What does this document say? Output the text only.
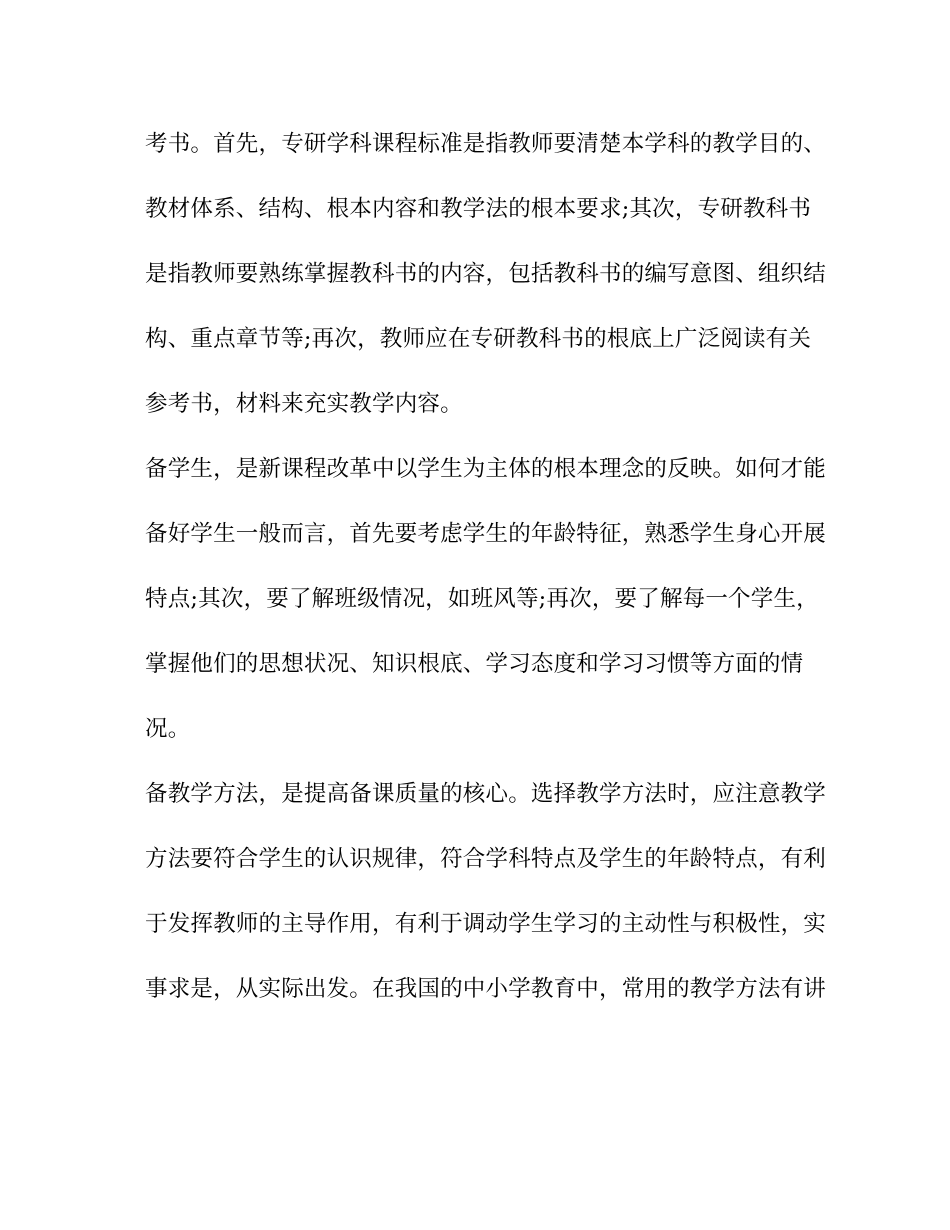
考书。首先，专研学科课程标准是指教师要清楚本学科的教学目的、
教材体系、结构、根本内容和教学法的根本要求;其次，专研教科书
是指教师要熟练掌握教科书的内容，包括教科书的编写意图、组织结
构、重点章节等;再次，教师应在专研教科书的根底上广泛阅读有关
参考书，材料来充实教学内容。
备学生，是新课程改革中以学生为主体的根本理念的反映。如何才能
备好学生一般而言，首先要考虑学生的年龄特征，熟悉学生身心开展
特点;其次，要了解班级情况，如班风等;再次，要了解每一个学生，
掌握他们的思想状况、知识根底、学习态度和学习习惯等方面的情
况。
备教学方法，是提高备课质量的核心。选择教学方法时，应注意教学
方法要符合学生的认识规律，符合学科特点及学生的年龄特点，有利
于发挥教师的主导作用，有利于调动学生学习的主动性与积极性，实
事求是，从实际出发。在我国的中小学教育中，常用的教学方法有讲
